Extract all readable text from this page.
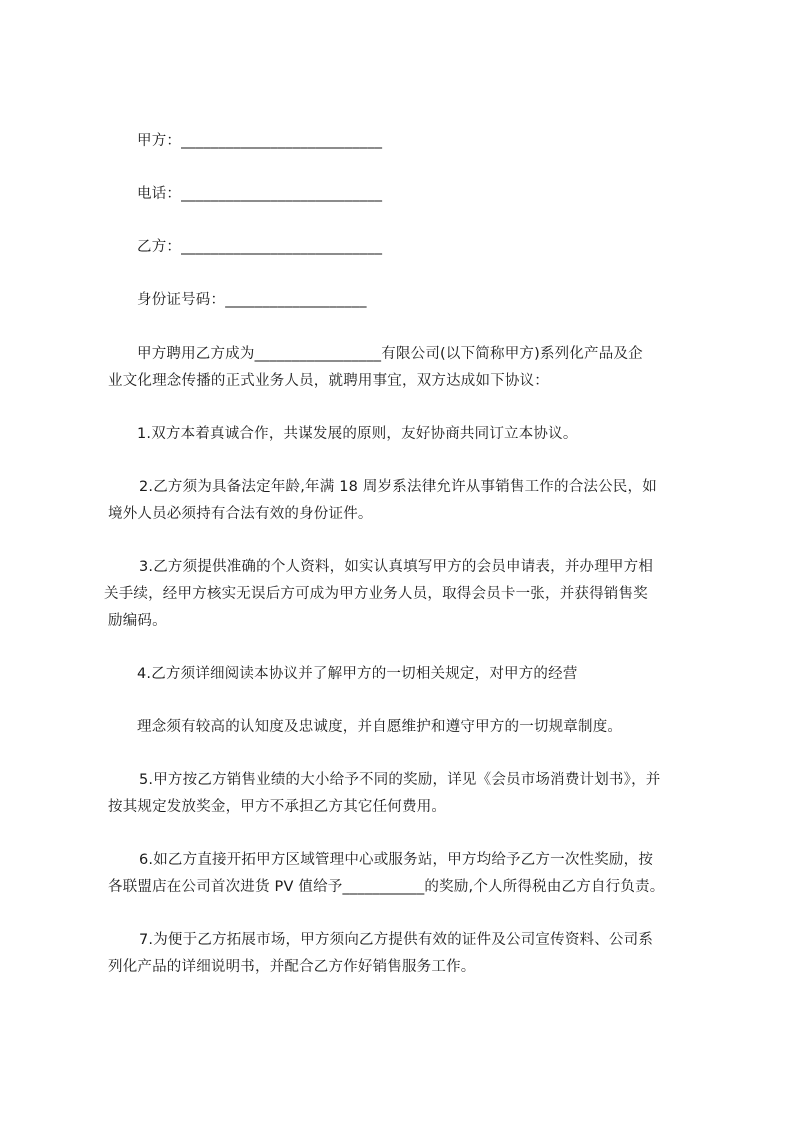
甲方：___________________________
电话：___________________________
乙方：___________________________
身份证号码：___________________
甲方聘用乙方成为_________________有限公司(以下简称甲方)系列化产品及企
业文化理念传播的正式业务人员，就聘用事宜，双方达成如下协议：
1.双方本着真诚合作，共谋发展的原则，友好协商共同订立本协议。
2.乙方须为具备法定年龄,年满 18 周岁系法律允许从事销售工作的合法公民，如
境外人员必须持有合法有效的身份证件。
3.乙方须提供准确的个人资料，如实认真填写甲方的会员申请表，并办理甲方相
关手续，经甲方核实无误后方可成为甲方业务人员，取得会员卡一张，并获得销售奖
励编码。
4.乙方须详细阅读本协议并了解甲方的一切相关规定，对甲方的经营
理念须有较高的认知度及忠诚度，并自愿维护和遵守甲方的一切规章制度。
5.甲方按乙方销售业绩的大小给予不同的奖励，详见《会员市场消费计划书》，并
按其规定发放奖金，甲方不承担乙方其它任何费用。
6.如乙方直接开拓甲方区域管理中心或服务站，甲方均给予乙方一次性奖励，按
各联盟店在公司首次进货 PV 值给予___________的奖励,个人所得税由乙方自行负责。
7.为便于乙方拓展市场，甲方须向乙方提供有效的证件及公司宣传资料、公司系
列化产品的详细说明书，并配合乙方作好销售服务工作。
